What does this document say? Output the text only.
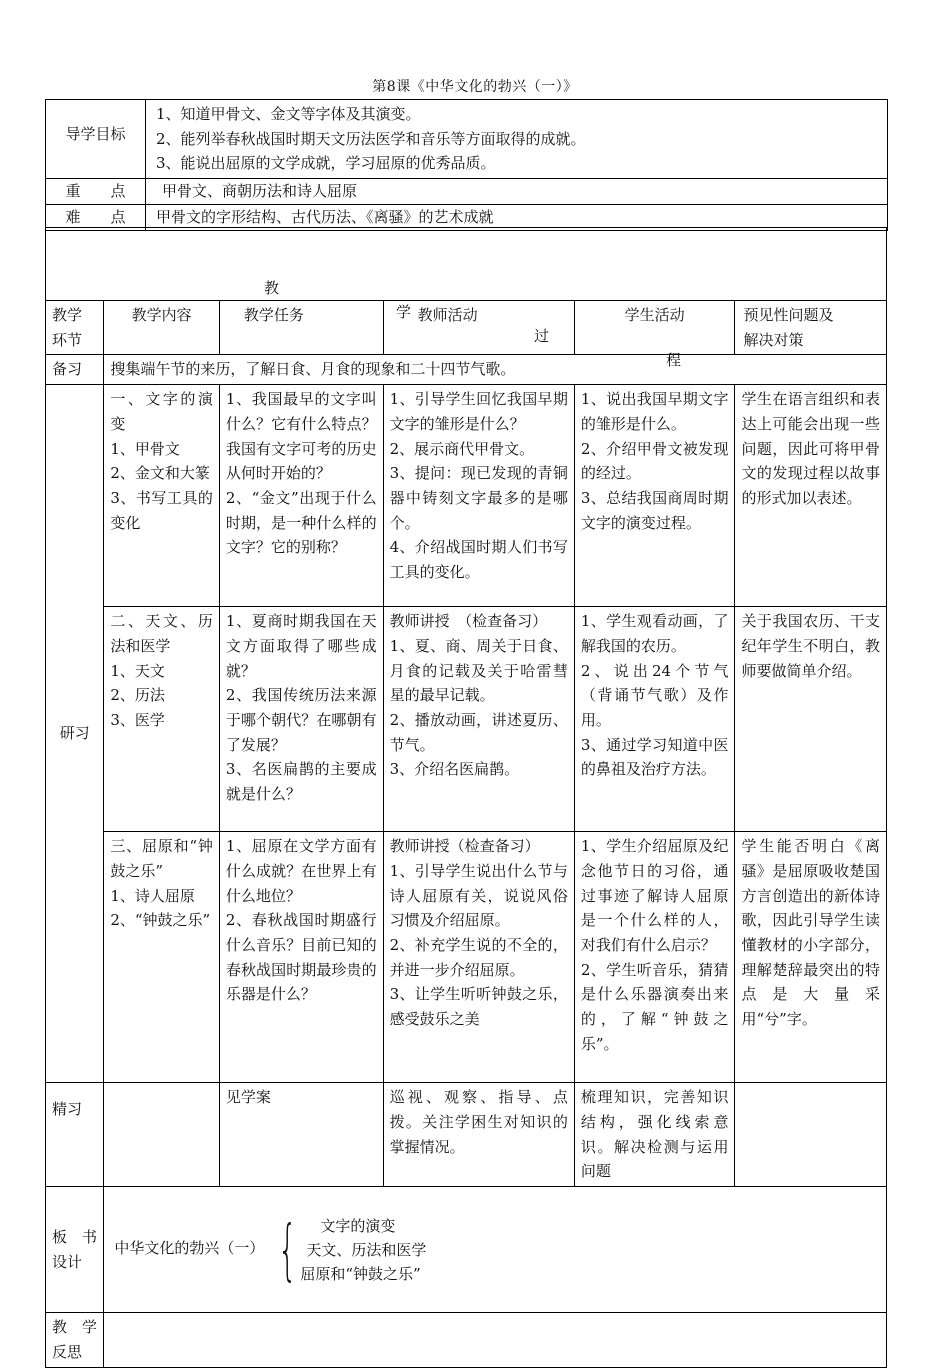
第8课《中华文化的勃兴（一）》
导学目标	1、知道甲骨文、金文等字体及其演变。
2、能列举春秋战国时期天文历法医学和音乐等方面取得的成就。
3、能说出屈原的文学成就，学习屈原的优秀品质。

重　　点	甲骨文、商朝历法和诗人屈原
难　　点	甲骨文的字形结构、古代历法、《离骚》的艺术成就

教

学

过

程					

教学
环节	教学内容	教学任务	教师活动	学生活动	预见性问题及
解决对策
备习	搜集端午节的来历，了解日食、月食的现象和二十四节气歌。				
研习	一、文字的演变
1、甲骨文
2、金文和大篆
3、书写工具的变化	1、我国最早的文字叫什么？它有什么特点？我国有文字可考的历史从何时开始的？
2、“金文”出现于什么时期，是一种什么样的文字？它的别称？	1、引导学生回忆我国早期文字的雏形是什么？
2、展示商代甲骨文。
3、提问：现已发现的青铜器中铸刻文字最多的是哪个。
4、介绍战国时期人们书写工具的变化。	1、说出我国早期文字的雏形是什么。
2、介绍甲骨文被发现的经过。
3、总结我国商周时期文字的演变过程。	学生在语言组织和表达上可能会出现一些问题，因此可将甲骨文的发现过程以故事的形式加以表述。
	二、天文、历法和医学
1、天文
2、历法
3、医学	1、夏商时期我国在天文方面取得了哪些成就？
2、我国传统历法来源于哪个朝代？在哪朝有了发展？
3、名医扁鹊的主要成就是什么？	教师讲授　（检查备习）
1、夏、商、周关于日食、月食的记载及关于哈雷彗星的最早记载。
2、播放动画，讲述夏历、节气。
3、介绍名医扁鹊。	1、学生观看动画，了解我国的农历。
2、说出24个节气（背诵节气歌）及作用。
3、通过学习知道中医的鼻祖及治疗方法。	关于我国农历、干支纪年学生不明白，教师要做简单介绍。
	三、屈原和“钟鼓之乐”
1、诗人屈原
2、“钟鼓之乐”	1、屈原在文学方面有什么成就？在世界上有什么地位？
2、春秋战国时期盛行什么音乐？目前已知的春秋战国时期最珍贵的乐器是什么？	教师讲授（检查备习）
1、引导学生说出什么节与诗人屈原有关，说说风俗习惯及介绍屈原。
2、补充学生说的不全的，并进一步介绍屈原。
3、让学生听听钟鼓之乐，感受鼓乐之美	1、学生介绍屈原及纪念他节日的习俗，通过事迹了解诗人屈原是一个什么样的人，对我们有什么启示？
2、学生听音乐，猜猜是什么乐器演奏出来的，了解“钟鼓之乐”。	学生能否明白《离骚》是屈原吸收楚国方言创造出的新体诗歌，因此引导学生读懂教材的小字部分，理解楚辞最突出的特点是大量采用“兮”字。
精习		见学案	巡视、观察、指导、点拨。关注学困生对知识的掌握情况。	梳理知识，完善知识结构，强化线索意识。解决检测与运用问题	
板　书
设计	中华文化的勃兴（一） { 文字的演变

天文、历法和医学

屈原和“钟鼓之乐”				

教　学
反思					
